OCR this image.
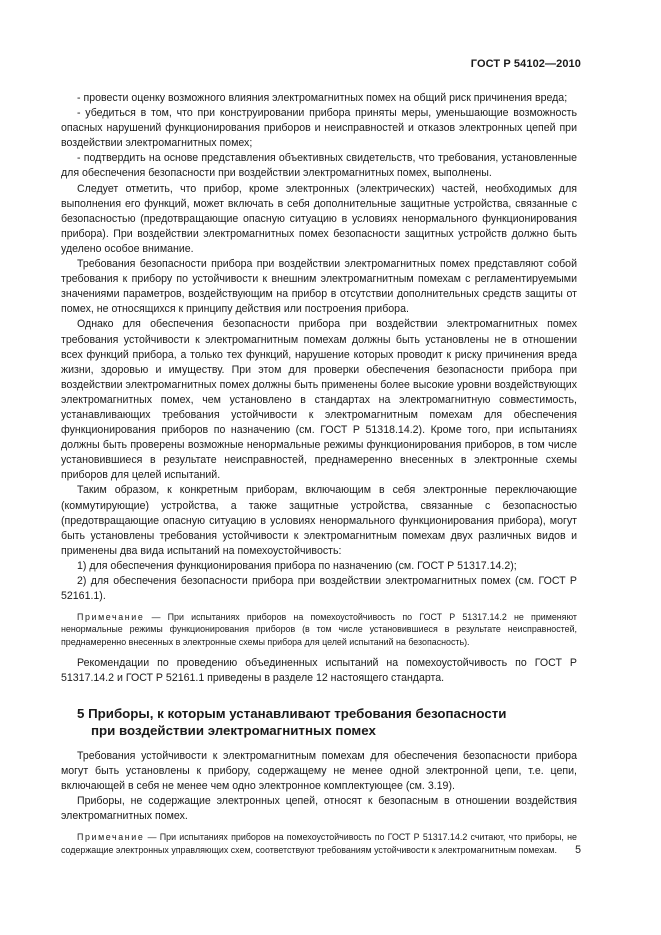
ГОСТ Р 54102—2010

- провести оценку возможного влияния электромагнитных помех на общий риск причинения вреда;

- убедиться в том, что при конструировании прибора приняты меры, уменьшающие возможность опасных нарушений функционирования приборов и неисправностей и отказов электронных цепей при воздействии электромагнитных помех;

- подтвердить на основе представления объективных свидетельств, что требования, установленные для обеспечения безопасности при воздействии электромагнитных помех, выполнены.

Следует отметить, что прибор, кроме электронных (электрических) частей, необходимых для выполнения его функций, может включать в себя дополнительные защитные устройства, связанные с безопасностью (предотвращающие опасную ситуацию в условиях ненормального функционирования прибора). При воздействии электромагнитных помех безопасности защитных устройств должно быть уделено особое внимание.

Требования безопасности прибора при воздействии электромагнитных помех представляют собой требования к прибору по устойчивости к внешним электромагнитным помехам с регламентируемыми значениями параметров, воздействующим на прибор в отсутствии дополнительных средств защиты от помех, не относящихся к принципу действия или построения прибора.

Однако для обеспечения безопасности прибора при воздействии электромагнитных помех требования устойчивости к электромагнитным помехам должны быть установлены не в отношении всех функций прибора, а только тех функций, нарушение которых проводит к риску причинения вреда жизни, здоровью и имуществу. При этом для проверки обеспечения безопасности прибора при воздействии электромагнитных помех должны быть применены более высокие уровни воздействующих электромагнитных помех, чем установлено в стандартах на электромагнитную совместимость, устанавливающих требования устойчивости к электромагнитным помехам для обеспечения функционирования приборов по назначению (см. ГОСТ Р 51318.14.2). Кроме того, при испытаниях должны быть проверены возможные ненормальные режимы функционирования приборов, в том числе установившиеся в результате неисправностей, преднамеренно внесенных в электронные схемы приборов для целей испытаний.

Таким образом, к конкретным приборам, включающим в себя электронные переключающие (коммутирующие) устройства, а также защитные устройства, связанные с безопасностью (предотвращающие опасную ситуацию в условиях ненормального функционирования прибора), могут быть установлены требования устойчивости к электромагнитным помехам двух различных видов и применены два вида испытаний на помехоустойчивость:

1) для обеспечения функционирования прибора по назначению (см. ГОСТ Р 51317.14.2);

2) для обеспечения безопасности прибора при воздействии электромагнитных помех (см. ГОСТ Р 52161.1).

Примечание — При испытаниях приборов на помехоустойчивость по ГОСТ Р 51317.14.2 не применяют ненормальные режимы функционирования приборов (в том числе установившиеся в результате неисправностей, преднамеренно внесенных в электронные схемы прибора для целей испытаний на безопасность).

Рекомендации по проведению объединенных испытаний на помехоустойчивость по ГОСТ Р 51317.14.2 и ГОСТ Р 52161.1 приведены в разделе 12 настоящего стандарта.

5 Приборы, к которым устанавливают требования безопасности
при воздействии электромагнитных помех

Требования устойчивости к электромагнитным помехам для обеспечения безопасности прибора могут быть установлены к прибору, содержащему не менее одной электронной цепи, т.е. цепи, включающей в себя не менее чем одно электронное комплектующее (см. 3.19).

Приборы, не содержащие электронных цепей, относят к безопасным в отношении воздействия электромагнитных помех.

Примечание — При испытаниях приборов на помехоустойчивость по ГОСТ Р 51317.14.2 считают, что приборы, не содержащие электронных управляющих схем, соответствуют требованиям устойчивости к электромагнитным помехам.	5
